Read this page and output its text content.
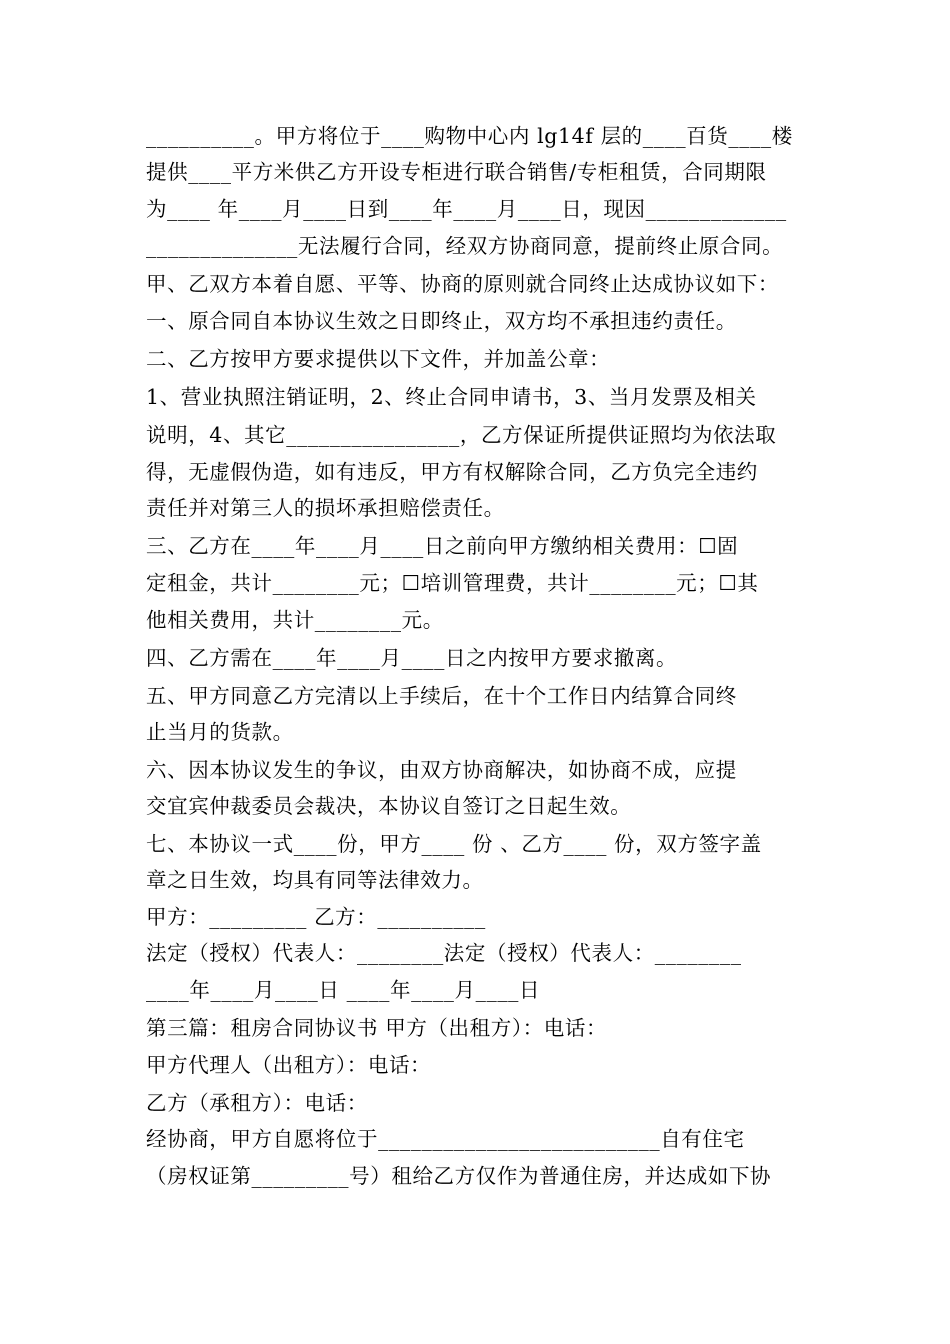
__________。甲方将位于____购物中心内 lg14f 层的____百货____楼
提供____平方米供乙方开设专柜进行联合销售/专柜租赁，合同期限
为____ 年____月____日到____年____月____日，现因_____________
______________无法履行合同，经双方协商同意，提前终止原合同。
甲、乙双方本着自愿、平等、协商的原则就合同终止达成协议如下：
一、原合同自本协议生效之日即终止，双方均不承担违约责任。
二、乙方按甲方要求提供以下文件，并加盖公章：
1、营业执照注销证明，2、终止合同申请书，3、当月发票及相关
说明，4、其它________________，乙方保证所提供证照均为依法取
得，无虚假伪造，如有违反，甲方有权解除合同，乙方负完全违约
责任并对第三人的损坏承担赔偿责任。
三、乙方在____年____月____日之前向甲方缴纳相关费用：☐固
定租金，共计________元；☐培训管理费，共计________元；☐其
他相关费用，共计________元。
四、乙方需在____年____月____日之内按甲方要求撤离。
五、甲方同意乙方完清以上手续后，在十个工作日内结算合同终
止当月的货款。
六、因本协议发生的争议，由双方协商解决，如协商不成，应提
交宜宾仲裁委员会裁决，本协议自签订之日起生效。
七、本协议一式____份，甲方____ 份 、乙方____ 份，双方签字盖
章之日生效，均具有同等法律效力。
甲方：_________ 乙方：__________
法定（授权）代表人：________法定（授权）代表人：________
____年____月____日 ____年____月____日
第三篇：租房合同协议书 甲方（出租方）：电话：
甲方代理人（出租方）：电话：
乙方（承租方）：电话：
经协商，甲方自愿将位于__________________________自有住宅
（房权证第_________号）租给乙方仅作为普通住房，并达成如下协
